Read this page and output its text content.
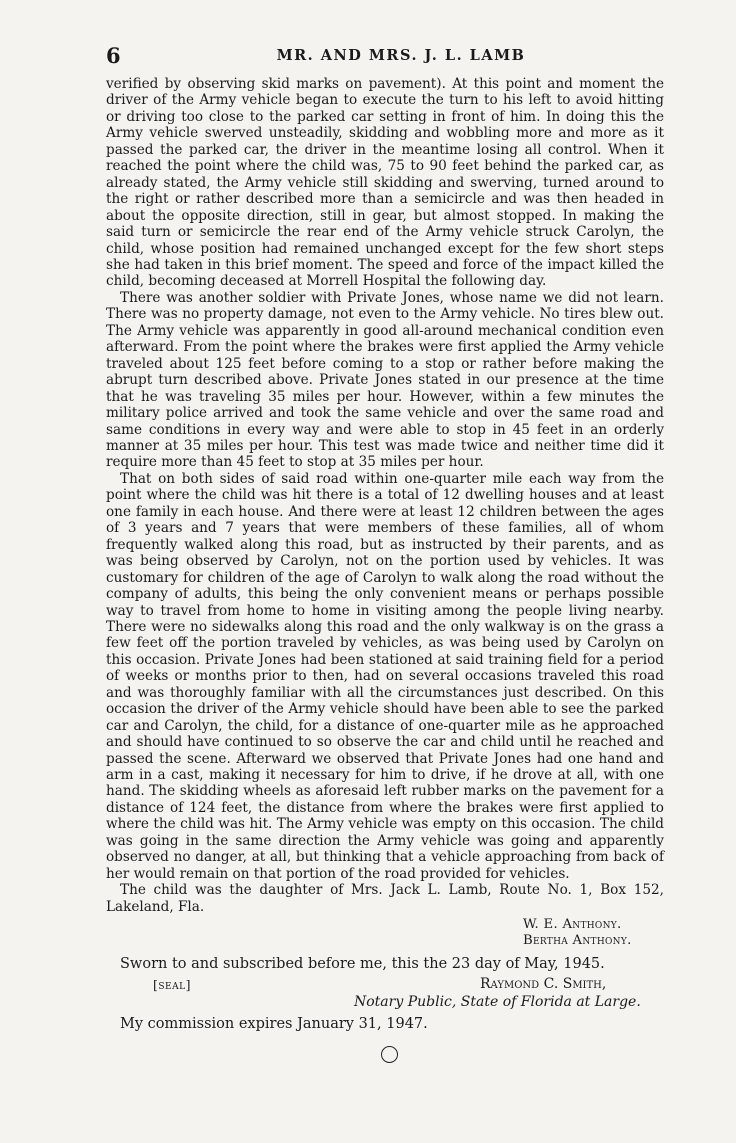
6	MR. AND MRS. J. L. LAMB

verified by observing skid marks on pavement). At this point and moment the driver of the Army vehicle began to execute the turn to his left to avoid hitting or driving too close to the parked car setting in front of him. In doing this the Army vehicle swerved unsteadily, skidding and wobbling more and more as it passed the parked car, the driver in the meantime losing all control. When it reached the point where the child was, 75 to 90 feet behind the parked car, as already stated, the Army vehicle still skidding and swerving, turned around to the right or rather described more than a semicircle and was then headed in about the opposite direction, still in gear, but almost stopped. In making the said turn or semicircle the rear end of the Army vehicle struck Carolyn, the child, whose position had remained unchanged except for the few short steps she had taken in this brief moment. The speed and force of the impact killed the child, becoming deceased at Morrell Hospital the following day.

There was another soldier with Private Jones, whose name we did not learn. There was no property damage, not even to the Army vehicle. No tires blew out. The Army vehicle was apparently in good all-around mechanical condition even afterward. From the point where the brakes were first applied the Army vehicle traveled about 125 feet before coming to a stop or rather before making the abrupt turn described above. Private Jones stated in our presence at the time that he was traveling 35 miles per hour. However, within a few minutes the military police arrived and took the same vehicle and over the same road and same conditions in every way and were able to stop in 45 feet in an orderly manner at 35 miles per hour. This test was made twice and neither time did it require more than 45 feet to stop at 35 miles per hour.

That on both sides of said road within one-quarter mile each way from the point where the child was hit there is a total of 12 dwelling houses and at least one family in each house. And there were at least 12 children between the ages of 3 years and 7 years that were members of these families, all of whom frequently walked along this road, but as instructed by their parents, and as was being observed by Carolyn, not on the portion used by vehicles. It was customary for children of the age of Carolyn to walk along the road without the company of adults, this being the only convenient means or perhaps possible way to travel from home to home in visiting among the people living nearby. There were no sidewalks along this road and the only walkway is on the grass a few feet off the portion traveled by vehicles, as was being used by Carolyn on this occasion. Private Jones had been stationed at said training field for a period of weeks or months prior to then, had on several occasions traveled this road and was thoroughly familiar with all the circumstances just described. On this occasion the driver of the Army vehicle should have been able to see the parked car and Carolyn, the child, for a distance of one-quarter mile as he approached and should have continued to so observe the car and child until he reached and passed the scene. Afterward we observed that Private Jones had one hand and arm in a cast, making it necessary for him to drive, if he drove at all, with one hand. The skidding wheels as aforesaid left rubber marks on the pavement for a distance of 124 feet, the distance from where the brakes were first applied to where the child was hit. The Army vehicle was empty on this occasion. The child was going in the same direction the Army vehicle was going and apparently observed no danger, at all, but thinking that a vehicle approaching from back of her would remain on that portion of the road provided for vehicles.

The child was the daughter of Mrs. Jack L. Lamb, Route No. 1, Box 152, Lakeland, Fla.

W. E. Anthony.
Bertha Anthony.
Sworn to and subscribed before me, this the 23 day of May, 1945.
[seal]	Raymond C. Smith,
Notary Public, State of Florida at Large.
My commission expires January 31, 1947.
